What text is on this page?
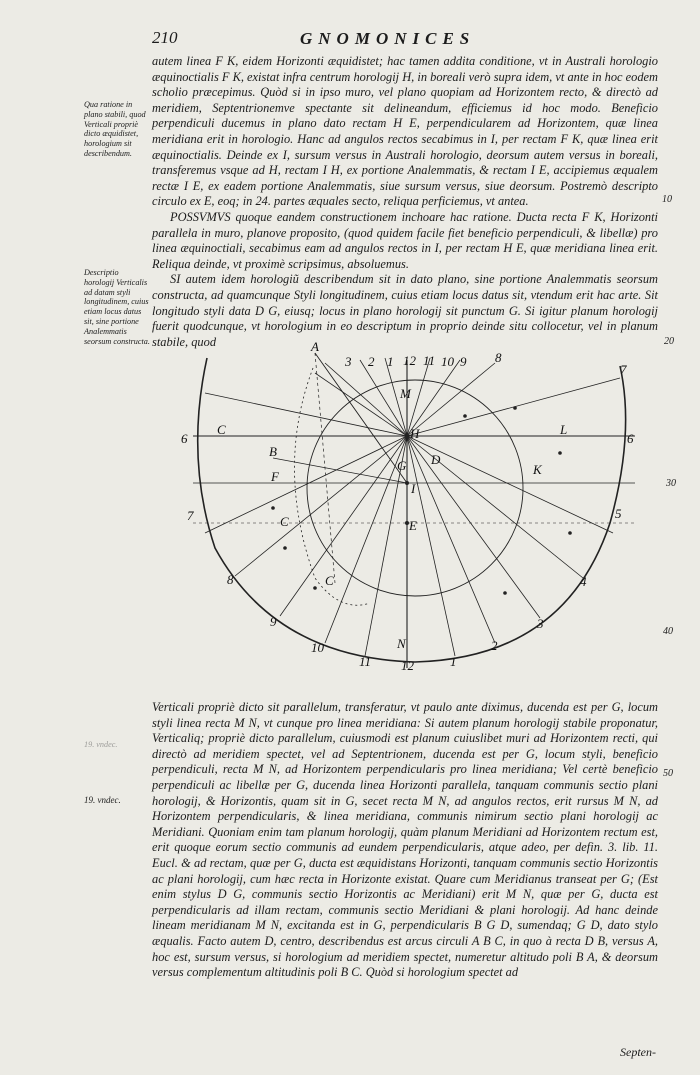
210	GNOMONICES

autem linea F K, eidem Horizonti æquidistet; hac tamen addita conditione, vt in Australi horologio æquinoctialis F K, existat infra centrum horologij H, in boreali verò supra idem, vt ante in hoc eodem scholio præcepimus. Quòd si in ipso muro, vel plano quopiam ad Horizontem recto, & directò ad meridiem, Septentrionemve spectante sit delineandum, efficiemus id hoc modo. Beneficio perpendiculi ducemus in plano dato rectam H E, perpendicularem ad Horizontem, quæ linea meridiana erit in horologio. Hanc ad angulos rectos secabimus in I, per rectam F K, quæ linea erit æquinoctialis. Deinde ex I, sursum versus in Australi horologio, deorsum autem versus in boreali, transferemus vsque ad H, rectam I H, ex portione Analemmatis, & rectam I E, accipiemus æqualem rectæ I E, ex eadem portione Analemmatis, siue sursum versus, siue deorsum. Postremò descripto circulo ex E, eoq; in 24. partes æquales secto, reliqua perficiemus, vt antea.

POSSVMVS quoque eandem constructionem inchoare hac ratione. Ducta recta F K, Horizonti parallela in muro, planove proposito, (quod quidem facile fiet beneficio perpendiculi, & libellæ) pro linea æquinoctiali, secabimus eam ad angulos rectos in I, per rectam H E, quæ meridiana linea erit. Reliqua deinde, vt proximè scripsimus, absoluemus.

SI autem idem horologiũ describendum sit in dato plano, sine portione Analemmatis seorsum constructa, ad quamcunque Styli longitudinem, cuius etiam locus datus sit, vtendum erit hac arte. Sit longitudo styli data D G, eiusq; locus in plano horologij sit punctum G. Si igitur planum horologij fuerit quodcunque, vt horologium in eo descriptum in proprio deinde situ collocetur, vel in planum stabile, quod

Qua ratione in plano stabili, quod Verticali propriè dicto æquidistet, horologium sit describendum.
Descriptio horologij Verticalis ad datam styli longitudinem, cuius etiam locus datus sit, sine portione Analemmatis seorsum constructa.
19. vndec.
19. vndec.
10
20
30
40
50
A
B
C
D
E
F
G
H
I
K
L
M
N
C
C
3 2 1 12 11 10 9 8
7
6
5
6
7
4
3
2
1
12
11
10
9
8

Verticali propriè dicto sit parallelum, transferatur, vt paulo ante diximus, ducenda est per G, locum styli linea recta M N, vt cunque pro linea meridiana: Si autem planum horologij stabile proponatur, Verticaliq; propriè dicto parallelum, cuiusmodi est planum cuiuslibet muri ad Horizontem recti, qui directò ad meridiem spectet, vel ad Septentrionem, ducenda est per G, locum styli, beneficio perpendiculi, recta M N, ad Horizontem perpendicularis pro linea meridiana; Vel certè beneficio perpendiculi ac libellæ per G, ducenda linea Horizonti parallela, tanquam communis sectio plani horologij, & Horizontis, quam sit in G, secet recta M N, ad angulos rectos, erit rursus M N, ad Horizontem perpendicularis, & linea meridiana, communis nimirum sectio plani horologij ac Meridiani. Quoniam enim tam planum horologij, quàm planum Meridiani ad Horizontem rectum est, erit quoque eorum sectio communis ad eundem perpendicularis, atque adeo, per defin. 3. lib. 11. Eucl. & ad rectam, quæ per G, ducta est æquidistans Horizonti, tanquam communis sectio Horizontis ac plani horologij, cum hæc recta in Horizonte existat. Quare cum Meridianus transeat per G; (Est enim stylus D G, communis sectio Horizontis ac Meridiani) erit M N, quæ per G, ducta est perpendicularis ad illam rectam, communis sectio Meridiani & plani horologij. Ad hanc deinde lineam meridianam M N, excitanda est in G, perpendicularis B G D, sumendaq; G D, dato stylo æqualis. Facto autem D, centro, describendus est arcus circuli A B C, in quo à recta D B, versus A, hoc est, sursum versus, si horologium ad meridiem spectet, numeretur altitudo poli B A, & deorsum versus complementum altitudinis poli B C. Quòd si horologium spectet ad

Septen-
